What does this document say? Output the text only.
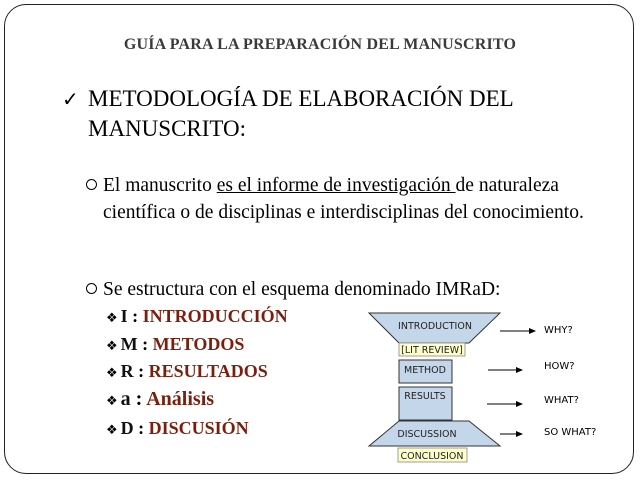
GUÍA PARA LA PREPARACIÓN DEL MANUSCRITO
✓ METODOLOGÍA DE ELABORACIÓN DEL MANUSCRITO:
El manuscrito es el informe de investigación de naturaleza científica o de disciplinas e interdisciplinas del conocimiento.
Se estructura con el esquema denominado IMRaD:
❖ I : INTRODUCCIÓN
❖ M : METODOS
❖ R : RESULTADOS
❖ a : Análisis
❖ D : DISCUSIÓN
INTRODUCTION
[LIT REVIEW]
METHOD
RESULTS
DISCUSSION
CONCLUSION
WHY?
HOW?
WHAT?
SO WHAT?
